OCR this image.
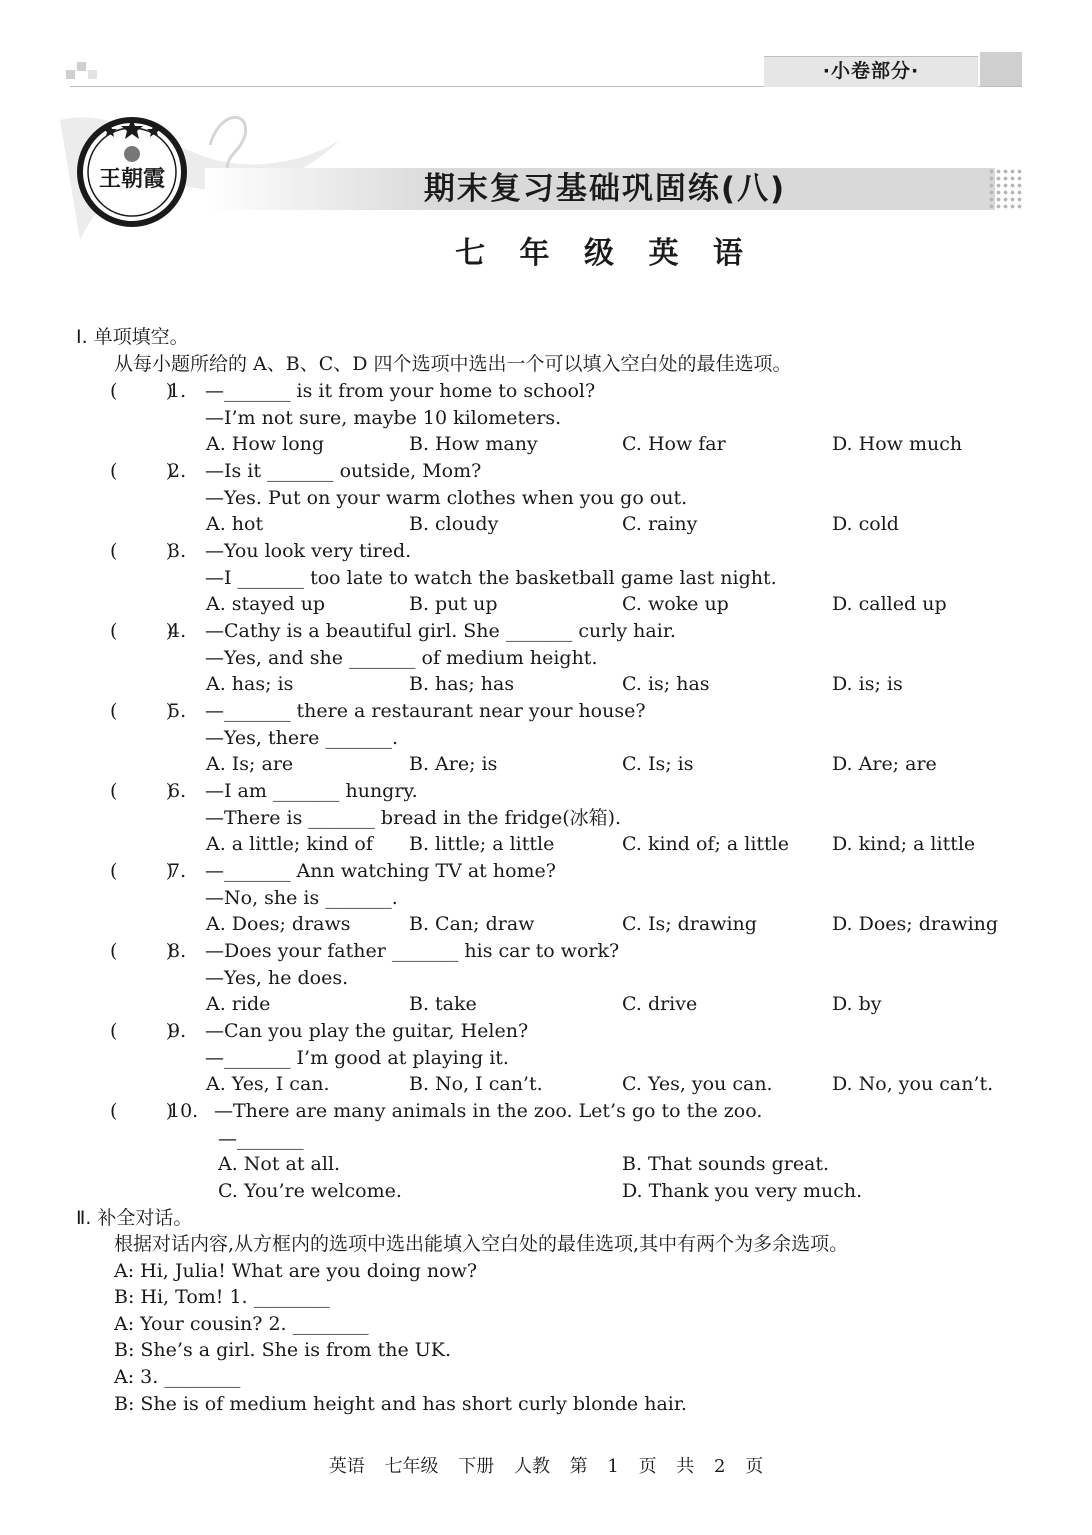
·小卷部分·
王朝霞	期末复习基础巩固练(八)
七 年 级 英 语
Ⅰ. 单项填空。
从每小题所给的 A、B、C、D 四个选项中选出一个可以填入空白处的最佳选项。
(        )
1. —_______ is it from your home to school?
—I’m not sure, maybe 10 kilometers.
A. How long	B. How many	C. How far	D. How much
(        )
2. —Is it _______ outside, Mom?
—Yes. Put on your warm clothes when you go out.
A. hot	B. cloudy	C. rainy	D. cold
(        )
3. —You look very tired.
—I _______ too late to watch the basketball game last night.
A. stayed up	B. put up	C. woke up	D. called up
(        )
4. —Cathy is a beautiful girl. She _______ curly hair.
—Yes, and she _______ of medium height.
A. has; is	B. has; has	C. is; has	D. is; is
(        )
5. —_______ there a restaurant near your house?
—Yes, there _______.
A. Is; are	B. Are; is	C. Is; is	D. Are; are
(        )
6. —I am _______ hungry.
—There is _______ bread in the fridge(冰箱).
A. a little; kind of B. little; a little	C. kind of; a little D. kind; a little
(        )
7. —_______ Ann watching TV at home?
—No, she is _______.
A. Does; draws	B. Can; draw	C. Is; drawing	D. Does; drawing
(        )
8. —Does your father _______ his car to work?
—Yes, he does.
A. ride	B. take	C. drive	D. by
(        )
9. —Can you play the guitar, Helen?
—_______ I’m good at playing it.
A. Yes, I can.	B. No, I can’t.	C. Yes, you can.	D. No, you can’t.
(        )
10. —There are many animals in the zoo. Let’s go to the zoo.
—_______
A. Not at all.	B. That sounds great.
C. You’re welcome.	D. Thank you very much.
Ⅱ. 补全对话。
根据对话内容,从方框内的选项中选出能填入空白处的最佳选项,其中有两个为多余选项。
A: Hi, Julia! What are you doing now?
B: Hi, Tom! 1. ________
A: Your cousin? 2. ________
B: She’s a girl. She is from the UK.
A: 3. ________
B: She is of medium height and has short curly blonde hair.
英语 七年级 下册 人教 第 1 页 共 2 页
